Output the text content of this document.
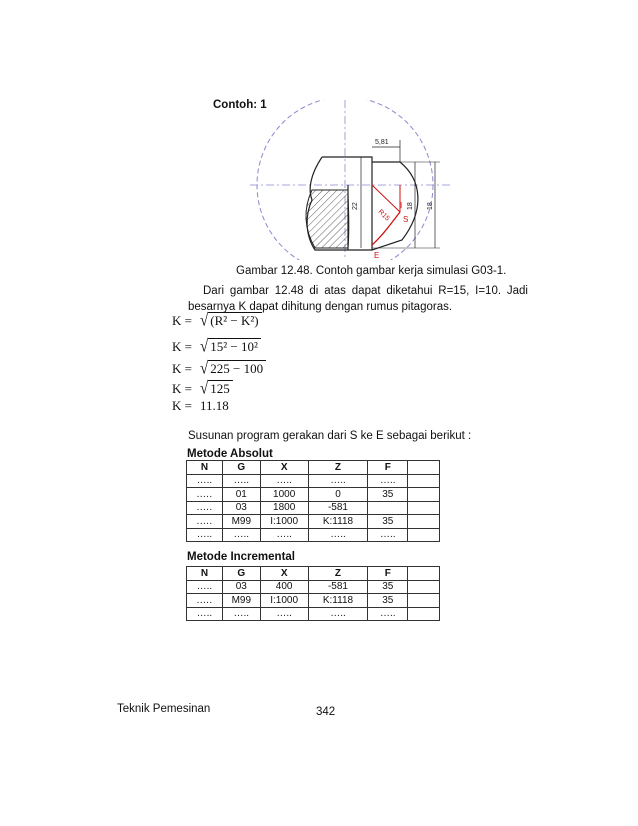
Contoh: 1
5,81
22	18 18
R15
I
S
E
Gambar 12.48. Contoh gambar kerja simulasi G03-1.
Dari gambar 12.48 di atas dapat diketahui R=15, I=10. Jadi besarnya K dapat dihitung dengan rumus pitagoras.
K = √ (R² − K²)
K = √ 15² − 10²
K = √ 225 − 100
K = √ 125
K = 11.18
Susunan program gerakan dari S ke E sebagai berikut :
Metode Absolut
N	G	X	Z	F	
…..	…..	…..	…..	…..	
.….	01	1000	0	35	
.….	03	1800	-581		
.….	M99	I:1000	K:1118	35	
…..	…..	…..	…..	…..	
Metode Incremental
N	G	X	Z	F	
…..	03	400	-581	35	
.….	M99	I:1000	K:1118	35	
…..	…..	…..	…..	…..	
Teknik Pemesinan	342
